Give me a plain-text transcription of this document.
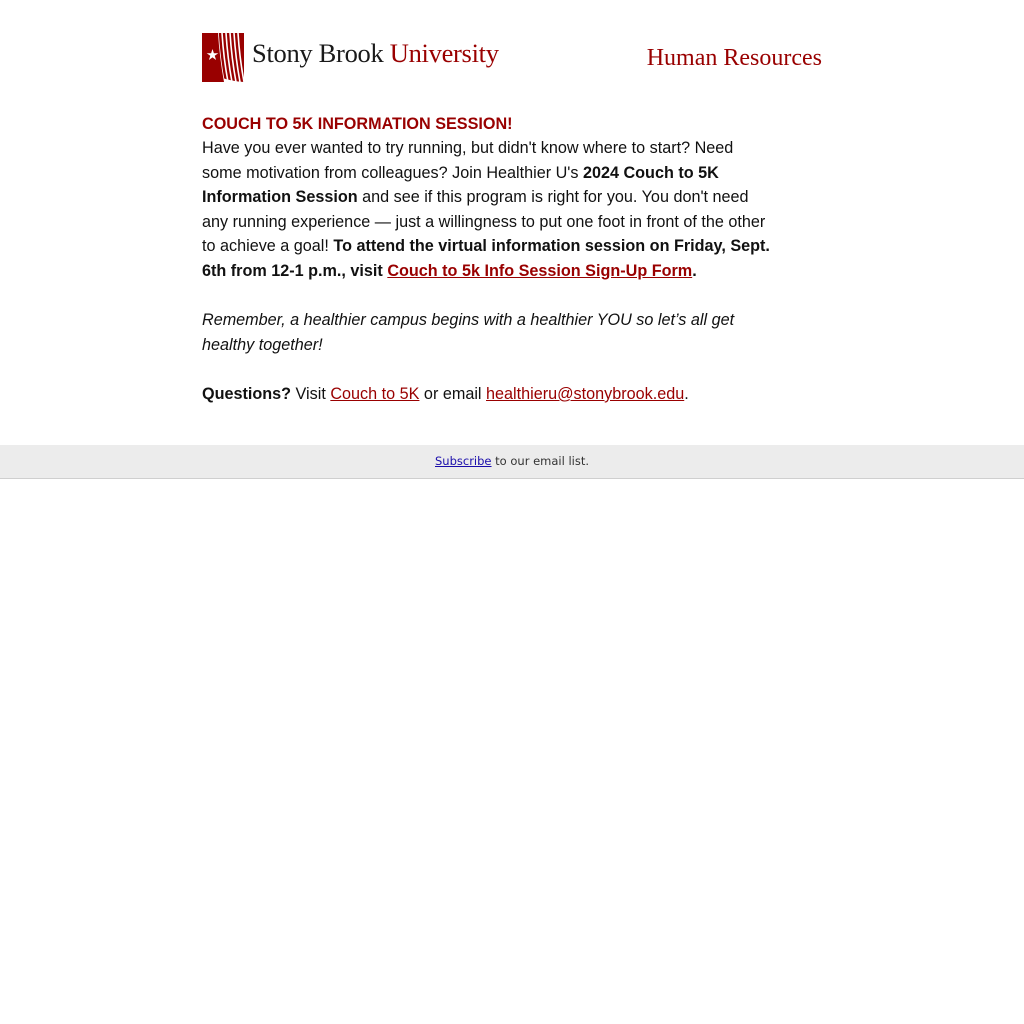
Stony Brook University	Human Resources
COUCH TO 5K INFORMATION SESSION!

Have you ever wanted to try running, but didn't know where to start? Need some motivation from colleagues? Join Healthier U's 2024 Couch to 5K Information Session and see if this program is right for you. You don't need any running experience — just a willingness to put one foot in front of the other to achieve a goal! To attend the virtual information session on Friday, Sept. 6th from 12-1 p.m., visit Couch to 5k Info Session Sign-Up Form.

Remember, a healthier campus begins with a healthier YOU so let’s all get healthy together!

Questions? Visit Couch to 5K or email healthieru@stonybrook.edu.

Subscribe to our email list.
